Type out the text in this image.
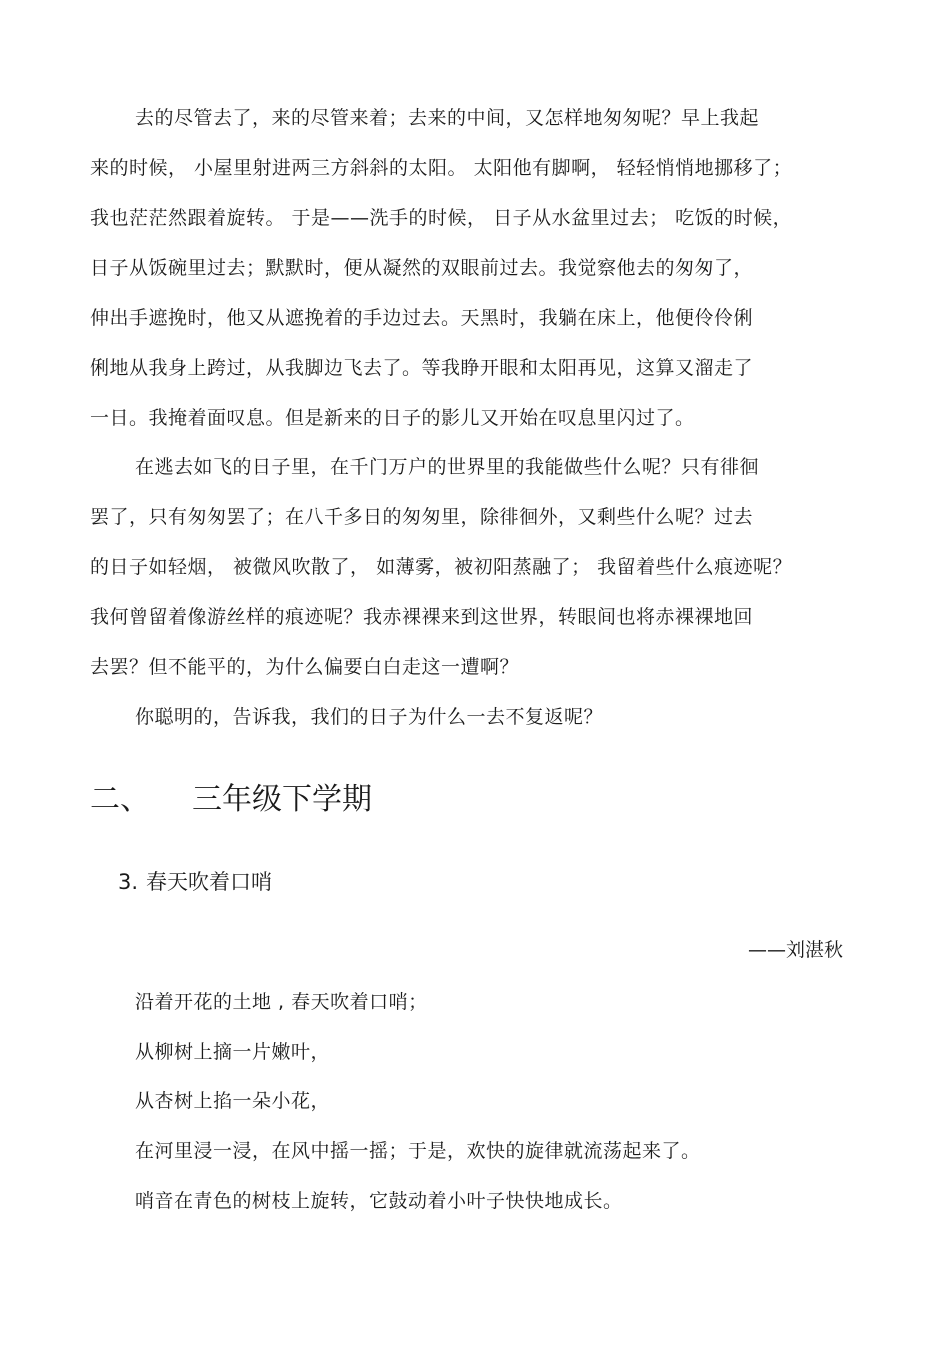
去的尽管去了，来的尽管来着；去来的中间，又怎样地匆匆呢？早上我起
来的时候， 小屋里射进两三方斜斜的太阳。 太阳他有脚啊， 轻轻悄悄地挪移了；
我也茫茫然跟着旋转。 于是——洗手的时候， 日子从水盆里过去； 吃饭的时候，
日子从饭碗里过去；默默时，便从凝然的双眼前过去。我觉察他去的匆匆了，
伸出手遮挽时，他又从遮挽着的手边过去。天黑时，我躺在床上，他便伶伶俐
俐地从我身上跨过，从我脚边飞去了。等我睁开眼和太阳再见，这算又溜走了
一日。我掩着面叹息。但是新来的日子的影儿又开始在叹息里闪过了。
在逃去如飞的日子里，在千门万户的世界里的我能做些什么呢？只有徘徊
罢了，只有匆匆罢了；在八千多日的匆匆里，除徘徊外，又剩些什么呢？过去
的日子如轻烟， 被微风吹散了， 如薄雾，被初阳蒸融了； 我留着些什么痕迹呢？
我何曾留着像游丝样的痕迹呢？我赤裸裸来到这世界，转眼间也将赤裸裸地回
去罢？但不能平的，为什么偏要白白走这一遭啊？
你聪明的，告诉我，我们的日子为什么一去不复返呢？
二、 三年级下学期
3. 春天吹着口哨
——刘湛秋
沿着开花的土地 , 春天吹着口哨；
从柳树上摘一片嫩叶，
从杏树上掐一朵小花，
在河里浸一浸，在风中摇一摇；于是，欢快的旋律就流荡起来了。
哨音在青色的树枝上旋转，它鼓动着小叶子快快地成长。
